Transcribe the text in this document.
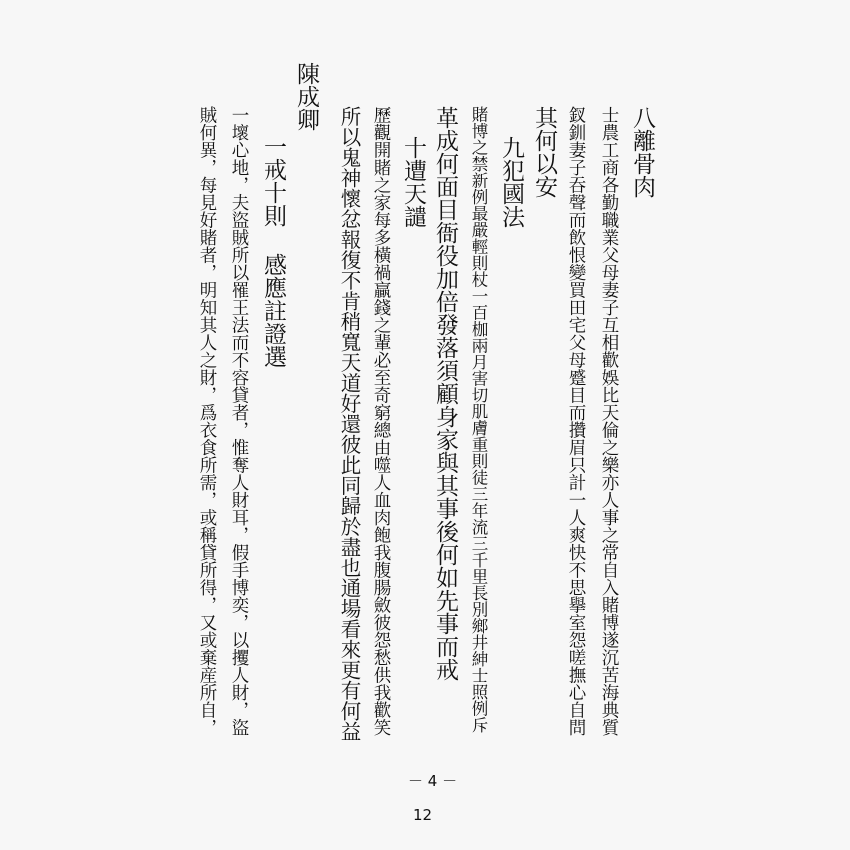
八離骨肉
士農工商各勤職業父母妻子互相歡娛比天倫之樂亦人事之常自入賭博遂沉苦海典質
釵釧妻子吞聲而飲恨變買田宅父母蹙目而攢眉只計一人爽快不思擧室怨嗟撫心自問
其何以安
九犯國法
賭博之禁新例最嚴輕則杖一百枷兩月害切肌膚重則徒三年流三千里長別鄉井紳士照例斥
革成何面目衙役加倍發落須顧身家與其事後何如先事而戒
十遭天譴
歷觀開賭之家每多橫禍贏錢之輩必至奇窮總由噬人血肉飽我腹腸斂彼怨愁供我歡笑
所以鬼神懷忿報復不肯稍寬天道好還彼此同歸於盡也通場看來更有何益
陳成卿
一戒十則 感應註證選
一壞心地，夫盜賊所以罹王法而不容貸者，惟奪人財耳，假手博奕，以攫人財，盜
賊何異，每見好賭者，明知其人之財，爲衣食所需，或稱貸所得，又或棄産所自，
－ 4 －
12
